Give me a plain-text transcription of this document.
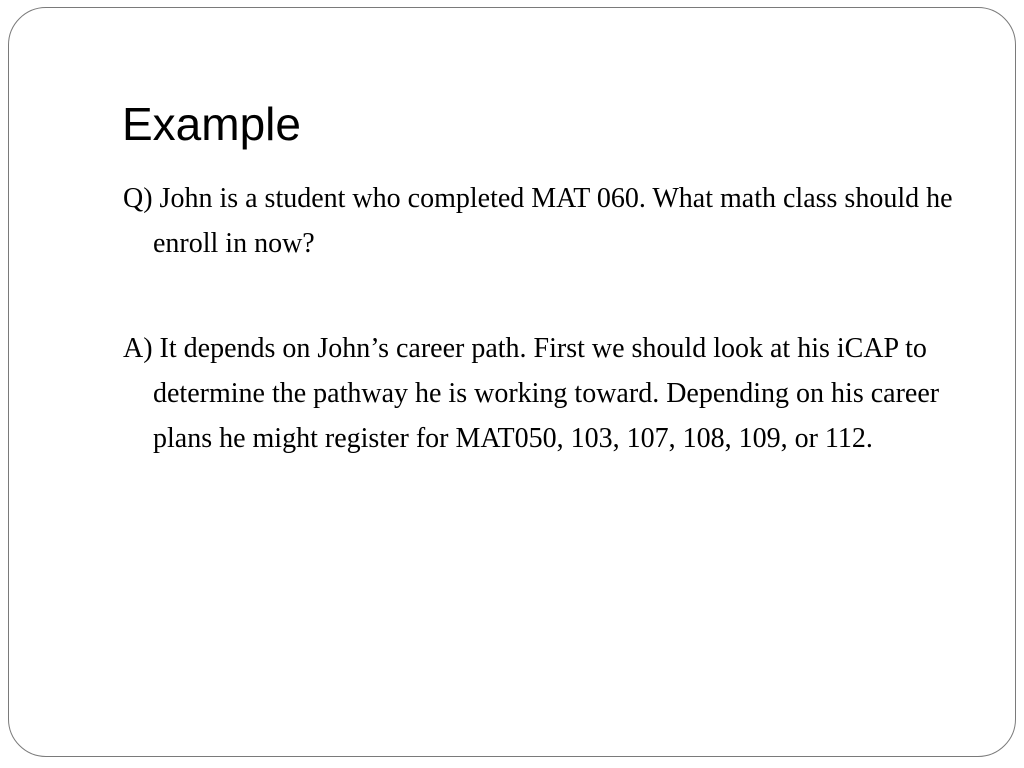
Example

Q) John is a student who completed MAT 060. What math class should he enroll in now?

A) It depends on John’s career path. First we should look at his iCAP to determine the pathway he is working toward. Depending on his career plans he might register for MAT050, 103, 107, 108, 109, or 112.
